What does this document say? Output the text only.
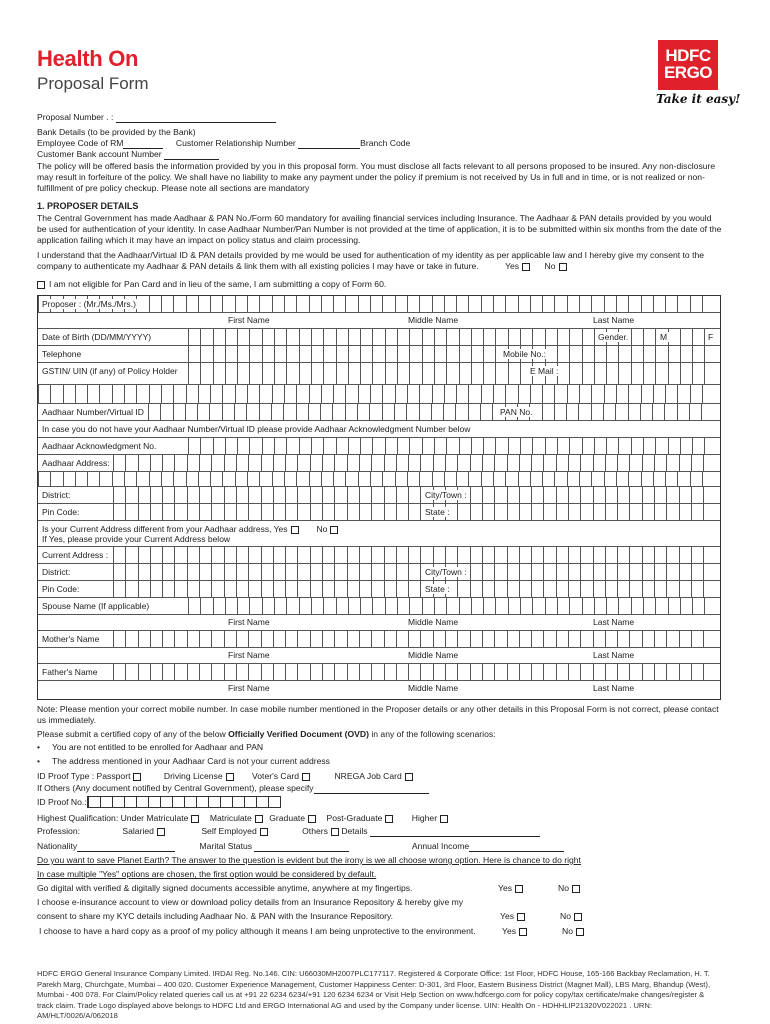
Health On
Proposal Form
HDFC
ERGO
Take it easy!
Proposal Number . :
Bank Details (to be provided by the Bank)
Employee Code of RM	Customer Relationship Number	Branch Code
Customer Bank account Number
The policy will be offered basis the information provided by you in this proposal form. You must disclose all facts relevant to all persons proposed to be insured. Any non-disclosure may result in forfeiture of the policy. We shall have no liability to make any payment under the policy if premium is not received by Us in full and in time, or is not realized or non-fulfillment of pre policy checkup. Please note all sections are mandatory
1. PROPOSER DETAILS
The Central Government has made Aadhaar & PAN No./Form 60 mandatory for availing financial services including Insurance. The Aadhaar & PAN details provided by you would be used for authentication of your identity. In case Aadhaar Number/Pan Number is not provided at the time of application, it is to be submitted within six months from the date of the application failing which it may have an impact on policy status and claim processing.
I understand that the Aadhaar/Virtual ID & PAN details provided by me would be used for authentication of my identity as per applicable law and I hereby give my consent to the company to authenticate my Aadhaar & PAN details & link them with all existing policies I may have or take in future.	Yes	No
I am not eligible for Pan Card and in lieu of the same, I am submitting a copy of Form 60.
Proposer : (Mr./Ms./Mrs.)
First Name	Middle Name	Last Name
Date of Birth (DD/MM/YYYY)	Gender.	M	F
Telephone	Mobile No.:
GSTIN/ UIN (if any) of Policy Holder	E Mail :
Aadhaar Number/Virtual ID	PAN No.
In case you do not have your Aadhaar Number/Virtual ID please provide Aadhaar Acknowledgment Number below
Aadhaar Acknowledgment No.
Aadhaar Address:
District:	City/Town :
Pin Code:	State :
Is your Current Address different from your Aadhaar address, Yes	No
If Yes, please provide your Current Address below
Current Address :
District:	City/Town :
Pin Code:	State :
Spouse Name (If applicable)
First Name	Middle Name	Last Name
Mother's Name
First Name	Middle Name	Last Name
Father's Name
First Name	Middle Name	Last Name
Note: Please mention your correct mobile number. In case mobile number mentioned in the Proposer details or any other details in this Proposal Form is not correct, please contact us immediately.
Please submit a certified copy of any of the below Officially Verified Document (OVD) in any of the following scenarios:
•     You are not entitled to be enrolled for Aadhaar and PAN
•     The address mentioned in your Aadhaar Card is not your current address
ID Proof Type : Passport	Driving License	Voter's Card	NREGA Job Card
If Others (Any document notified by Central Government), please specify
ID Proof No.:
Highest Qualification: Under Matriculate Matriculate Graduate Post-Graduate	Higher
Profession:	Salaried	Self Employed	Others Details
Nationality	Marital Status	Annual Income
Do you want to save Planet Earth? The answer to the question is evident but the irony is we all choose wrong option. Here is chance to do right
In case multiple "Yes" options are chosen, the first option would be considered by default.
Go digital with verified & digitally signed documents accessible anytime, anywhere at my fingertips.	Yes	No
I choose e-insurance account to view or download policy details from an Insurance Repository & hereby give my
consent to share my KYC details including Aadhaar No. & PAN with the Insurance Repository.	Yes	No
I choose to have a hard copy as a proof of my policy although it means I am being unprotective to the environment.	Yes	No
HDFC ERGO General Insurance Company Limited. IRDAI Reg. No.146. CIN: U66030MH2007PLC177117. Registered & Corporate Office: 1st Floor, HDFC House, 165-166 Backbay Reclamation, H. T. Parekh Marg, Churchgate, Mumbai – 400 020. Customer Experience Management, Customer Happiness Center: D-301, 3rd Floor, Eastern Business District (Magnet Mall), LBS Marg, Bhandup (West), Mumbai - 400 078. For Claim/Policy related queries call us at +91 22 6234 6234/+91 120 6234 6234 or Visit Help Section on www.hdfcergo.com for policy copy/tax certificate/make changes/register & track claim. Trade Logo displayed above belongs to HDFC Ltd and ERGO International AG and used by the Company under license. UIN: Health On - HDHHLIP21320V022021 . URN: AM/HLT/0026/A/062018
